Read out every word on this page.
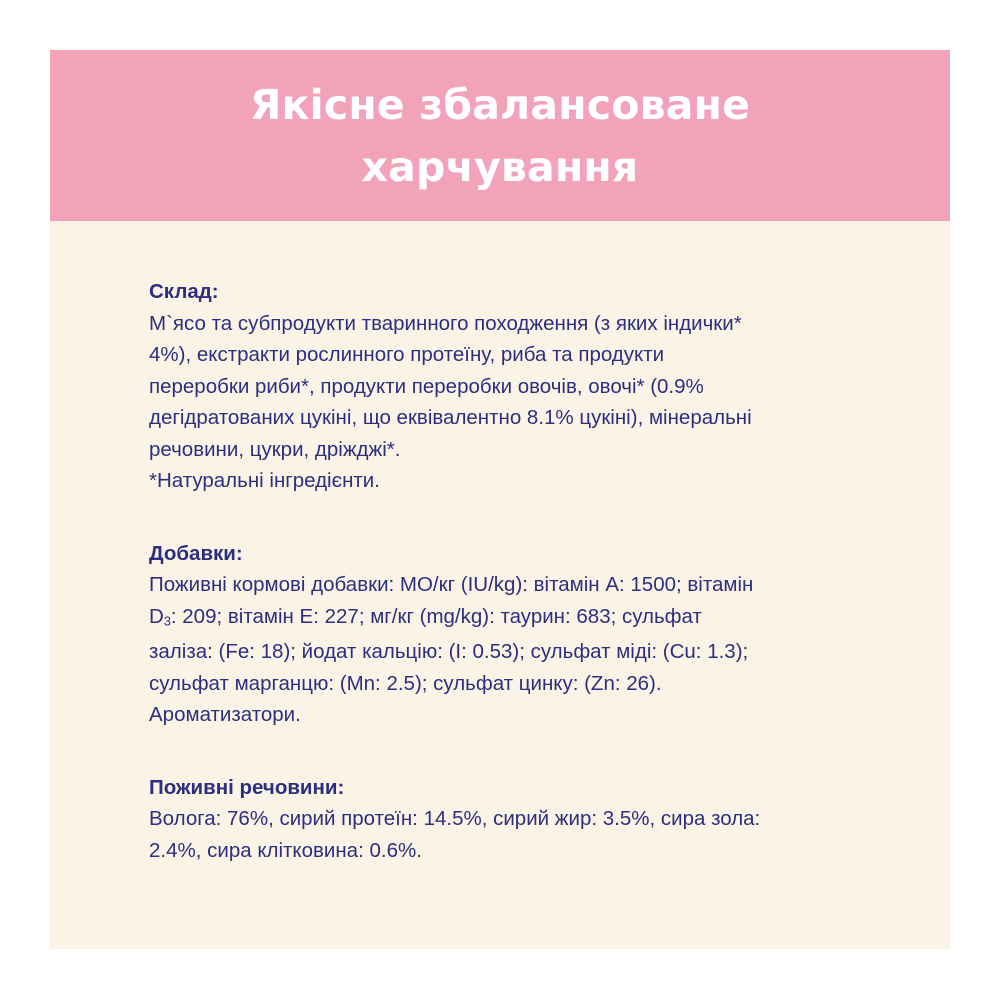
Якісне збалансоване
харчування
Склад:
М`ясо та субпродукти тваринного походження (з яких індички*
4%), екстракти рослинного протеїну, риба та продукти
переробки риби*, продукти переробки овочів, овочі* (0.9%
дегідратованих цукіні, що еквівалентно 8.1% цукіні), мінеральні
речовини, цукри, дріжджі*.
*Натуральні інгредієнти.
Добавки:
Поживні кормові добавки: МО/кг (IU/kg): вітамін А: 1500; вітамін
D3: 209; вітамін Е: 227; мг/кг (mg/kg): таурин: 683; сульфат
заліза: (Fe: 18); йодат кальцію: (I: 0.53); сульфат міді: (Cu: 1.3);
сульфат марганцю: (Mn: 2.5); сульфат цинку: (Zn: 26).
Ароматизатори.
Поживні речовини:
Волога: 76%, сирий протеїн: 14.5%, сирий жир: 3.5%, сира зола:
2.4%, сира клітковина: 0.6%.
